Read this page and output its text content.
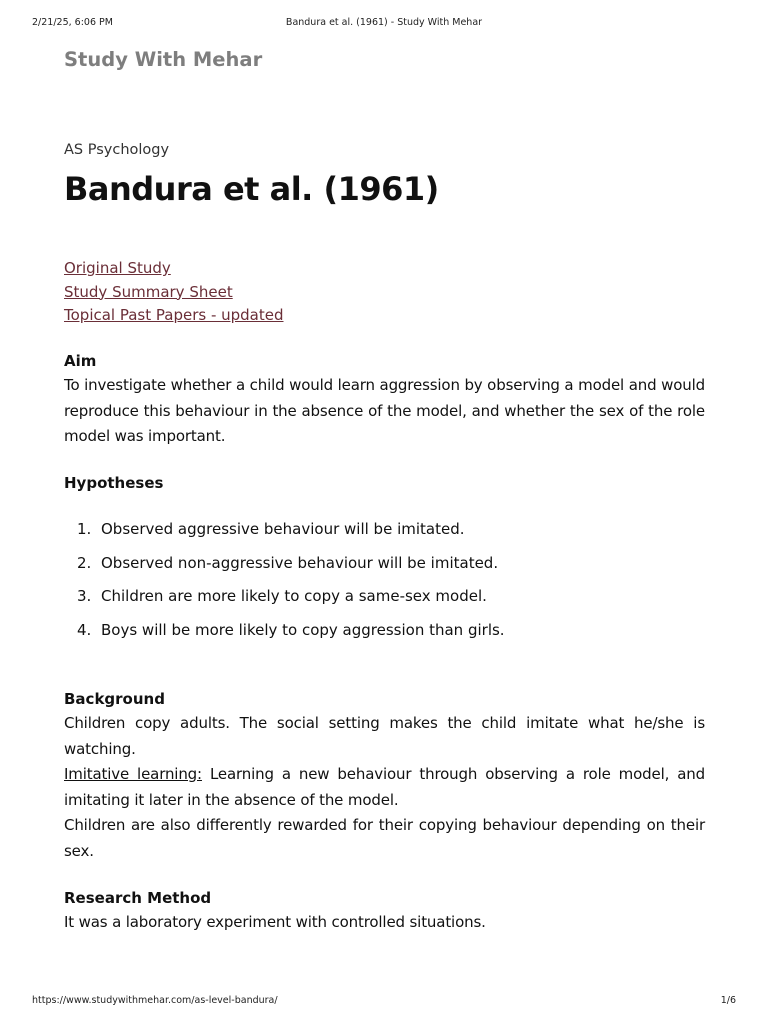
2/21/25, 6:06 PM	Bandura et al. (1961) - Study With Mehar
Study With Mehar
AS Psychology
Bandura et al. (1961)
Original Study
Study Summary Sheet
Topical Past Papers - updated
Aim
To investigate whether a child would learn aggression by observing a model and would reproduce this behaviour in the absence of the model, and whether the sex of the role model was important.
Hypotheses
1. Observed aggressive behaviour will be imitated.
2. Observed non-aggressive behaviour will be imitated.
3. Children are more likely to copy a same-sex model.
4. Boys will be more likely to copy aggression than girls.
Background
Children copy adults. The social setting makes the child imitate what he/she is watching.
Imitative learning: Learning a new behaviour through observing a role model, and imitating it later in the absence of the model.
Children are also differently rewarded for their copying behaviour depending on their sex.
Research Method
It was a laboratory experiment with controlled situations.
https://www.studywithmehar.com/as-level-bandura/	1/6
